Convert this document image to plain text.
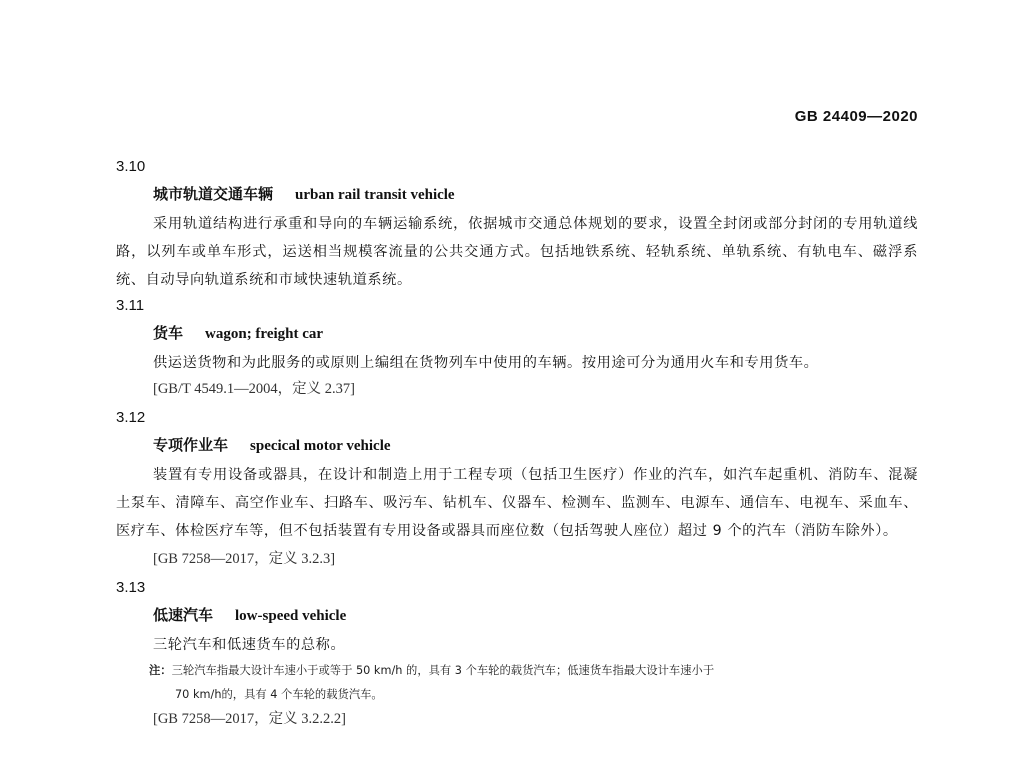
GB 24409—2020
3.10
城市轨道交通车辆 urban rail transit vehicle
采用轨道结构进行承重和导向的车辆运输系统，依据城市交通总体规划的要求，设置全封闭或部分封闭的专用轨道线路，以列车或单车形式，运送相当规模客流量的公共交通方式。包括地铁系统、轻轨系统、单轨系统、有轨电车、磁浮系统、自动导向轨道系统和市域快速轨道系统。
3.11
货车 wagon; freight car
供运送货物和为此服务的或原则上编组在货物列车中使用的车辆。按用途可分为通用火车和专用货车。
[GB/T 4549.1—2004，定义 2.37]
3.12
专项作业车 specical motor vehicle
装置有专用设备或器具，在设计和制造上用于工程专项（包括卫生医疗）作业的汽车，如汽车起重机、消防车、混凝土泵车、清障车、高空作业车、扫路车、吸污车、钻机车、仪器车、检测车、监测车、电源车、通信车、电视车、采血车、医疗车、体检医疗车等，但不包括装置有专用设备或器具而座位数（包括驾驶人座位）超过 9 个的汽车（消防车除外）。
[GB 7258—2017，定义 3.2.3]
3.13
低速汽车 low-speed vehicle
三轮汽车和低速货车的总称。
注：三轮汽车指最大设计车速小于或等于 50 km/h 的，具有 3 个车轮的载货汽车；低速货车指最大设计车速小于
70 km/h的，具有 4 个车轮的载货汽车。
[GB 7258—2017，定义 3.2.2.2]
